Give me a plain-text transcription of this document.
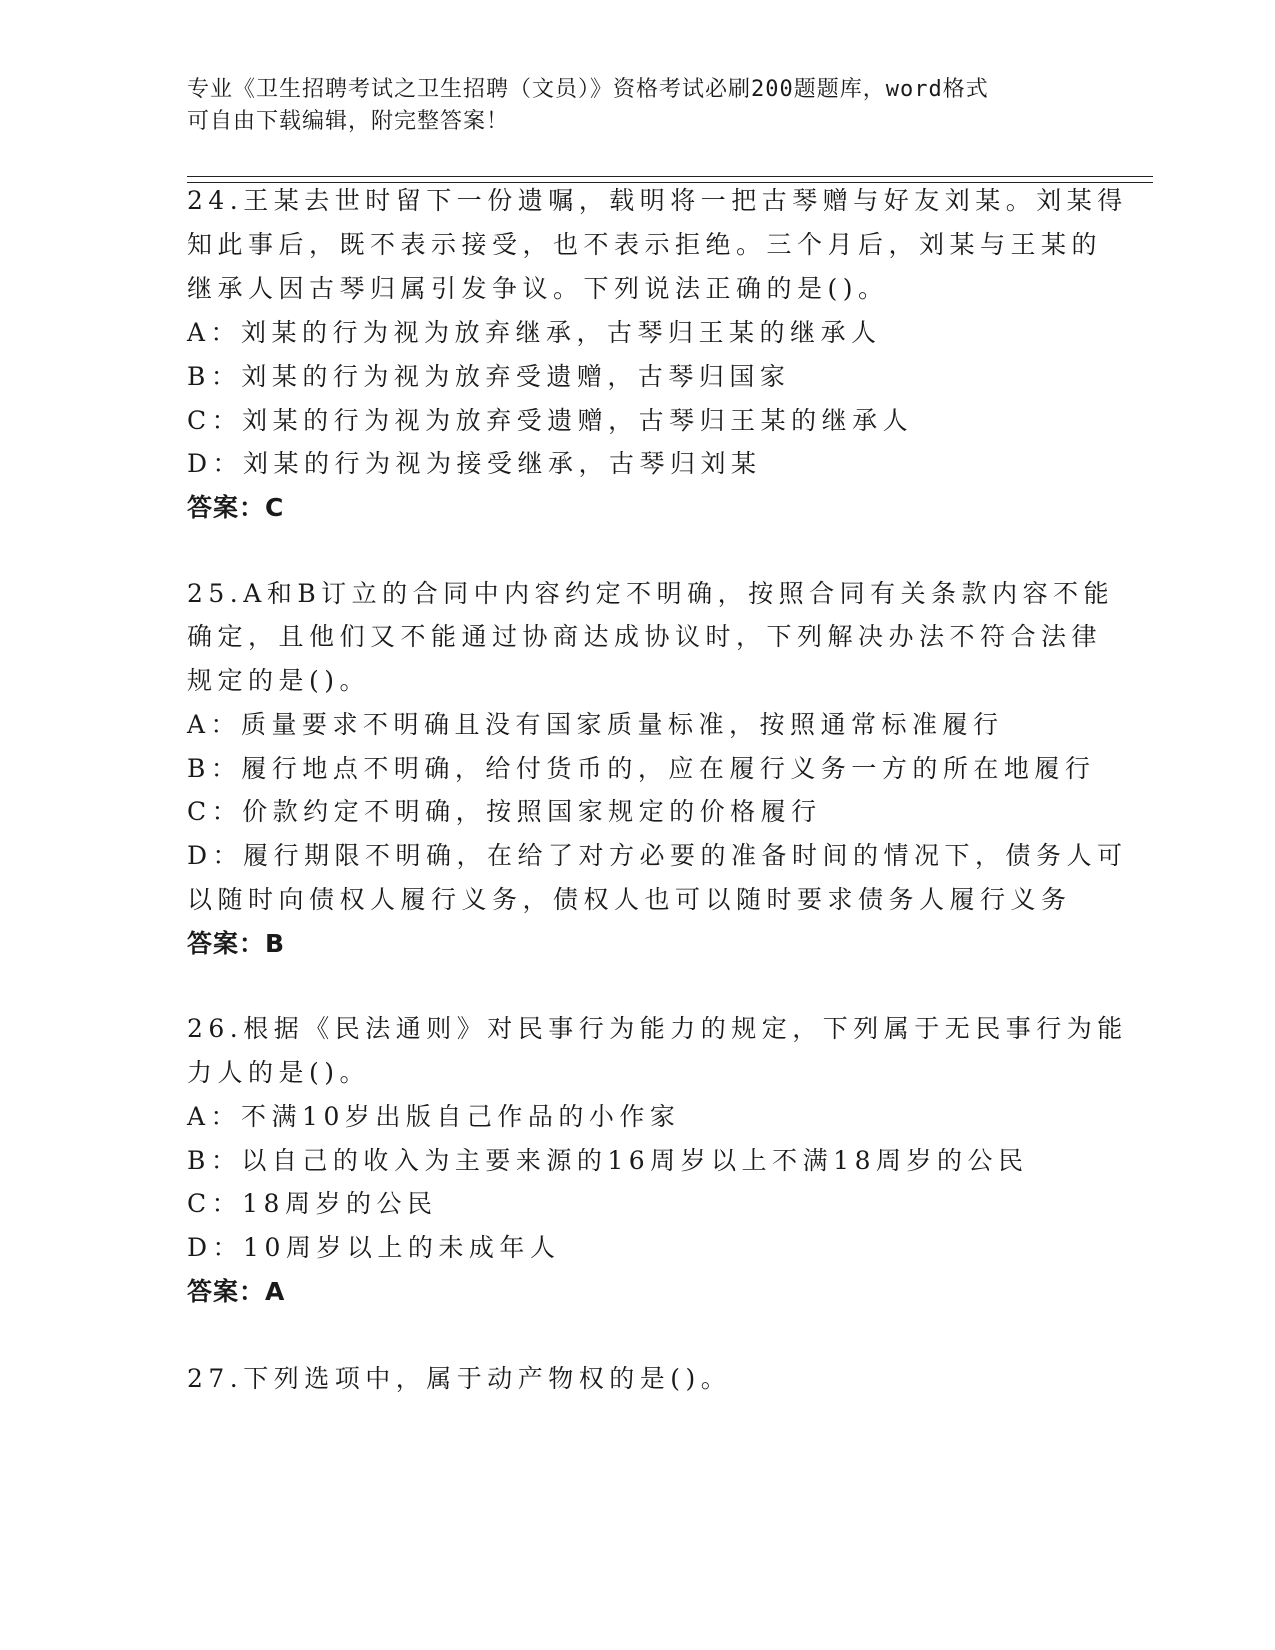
专业《卫生招聘考试之卫生招聘（文员）》资格考试必刷200题题库，word格式
可自由下载编辑，附完整答案！
24.王某去世时留下一份遗嘱，载明将一把古琴赠与好友刘某。刘某得
知此事后，既不表示接受，也不表示拒绝。三个月后，刘某与王某的
继承人因古琴归属引发争议。下列说法正确的是()。
A：刘某的行为视为放弃继承，古琴归王某的继承人
B：刘某的行为视为放弃受遗赠，古琴归国家
C：刘某的行为视为放弃受遗赠，古琴归王某的继承人
D：刘某的行为视为接受继承，古琴归刘某
答案：C
25.A和B订立的合同中内容约定不明确，按照合同有关条款内容不能
确定，且他们又不能通过协商达成协议时，下列解决办法不符合法律
规定的是()。
A：质量要求不明确且没有国家质量标准，按照通常标准履行
B：履行地点不明确，给付货币的，应在履行义务一方的所在地履行
C：价款约定不明确，按照国家规定的价格履行
D：履行期限不明确，在给了对方必要的准备时间的情况下，债务人可
以随时向债权人履行义务，债权人也可以随时要求债务人履行义务
答案：B
26.根据《民法通则》对民事行为能力的规定，下列属于无民事行为能
力人的是()。
A：不满10岁出版自己作品的小作家
B：以自己的收入为主要来源的16周岁以上不满18周岁的公民
C：18周岁的公民
D：10周岁以上的未成年人
答案：A
27.下列选项中，属于动产物权的是()。
